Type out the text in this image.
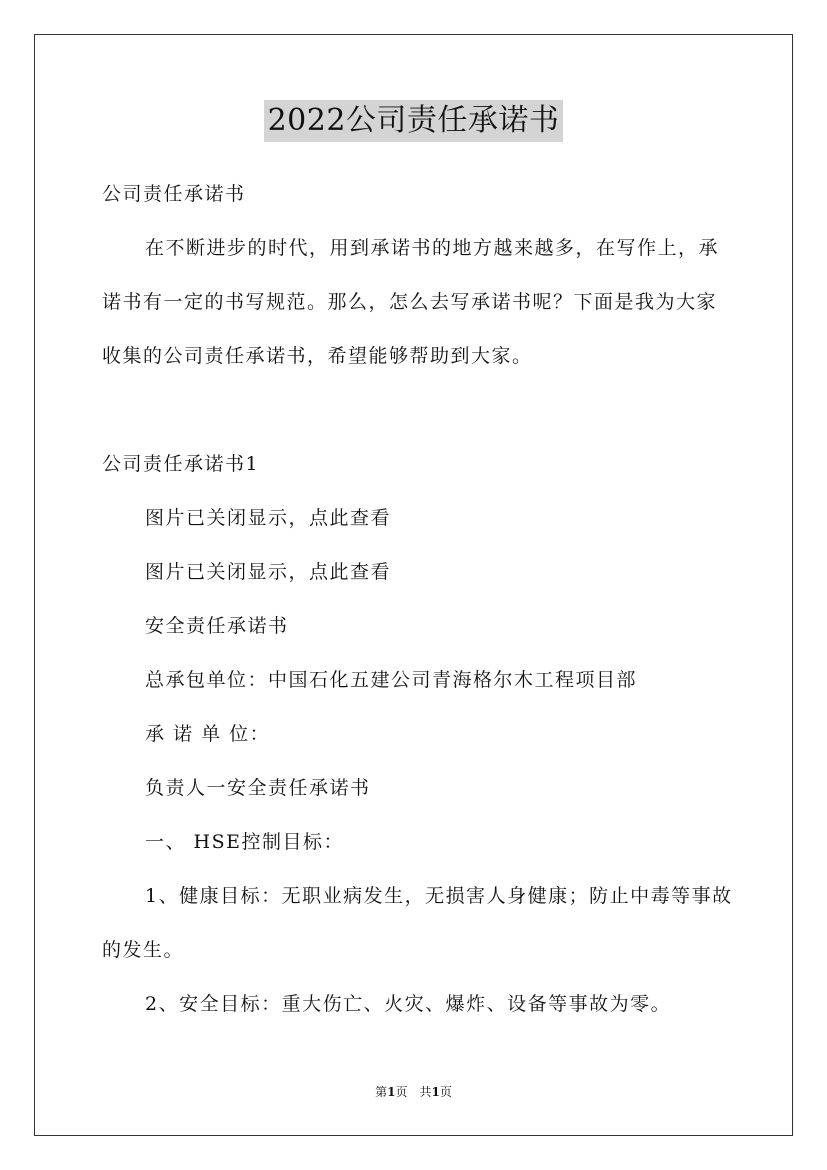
2022公司责任承诺书
公司责任承诺书
在不断进步的时代，用到承诺书的地方越来越多，在写作上，承
诺书有一定的书写规范。那么，怎么去写承诺书呢？下面是我为大家
收集的公司责任承诺书，希望能够帮助到大家。
公司责任承诺书1
图片已关闭显示，点此查看
图片已关闭显示，点此查看
安全责任承诺书
总承包单位：中国石化五建公司青海格尔木工程项目部
承 诺 单 位：
负责人一安全责任承诺书
一、 HSE控制目标：
1、健康目标：无职业病发生，无损害人身健康；防止中毒等事故
的发生。
2、安全目标：重大伤亡、火灾、爆炸、设备等事故为零。
第1页　共1页
